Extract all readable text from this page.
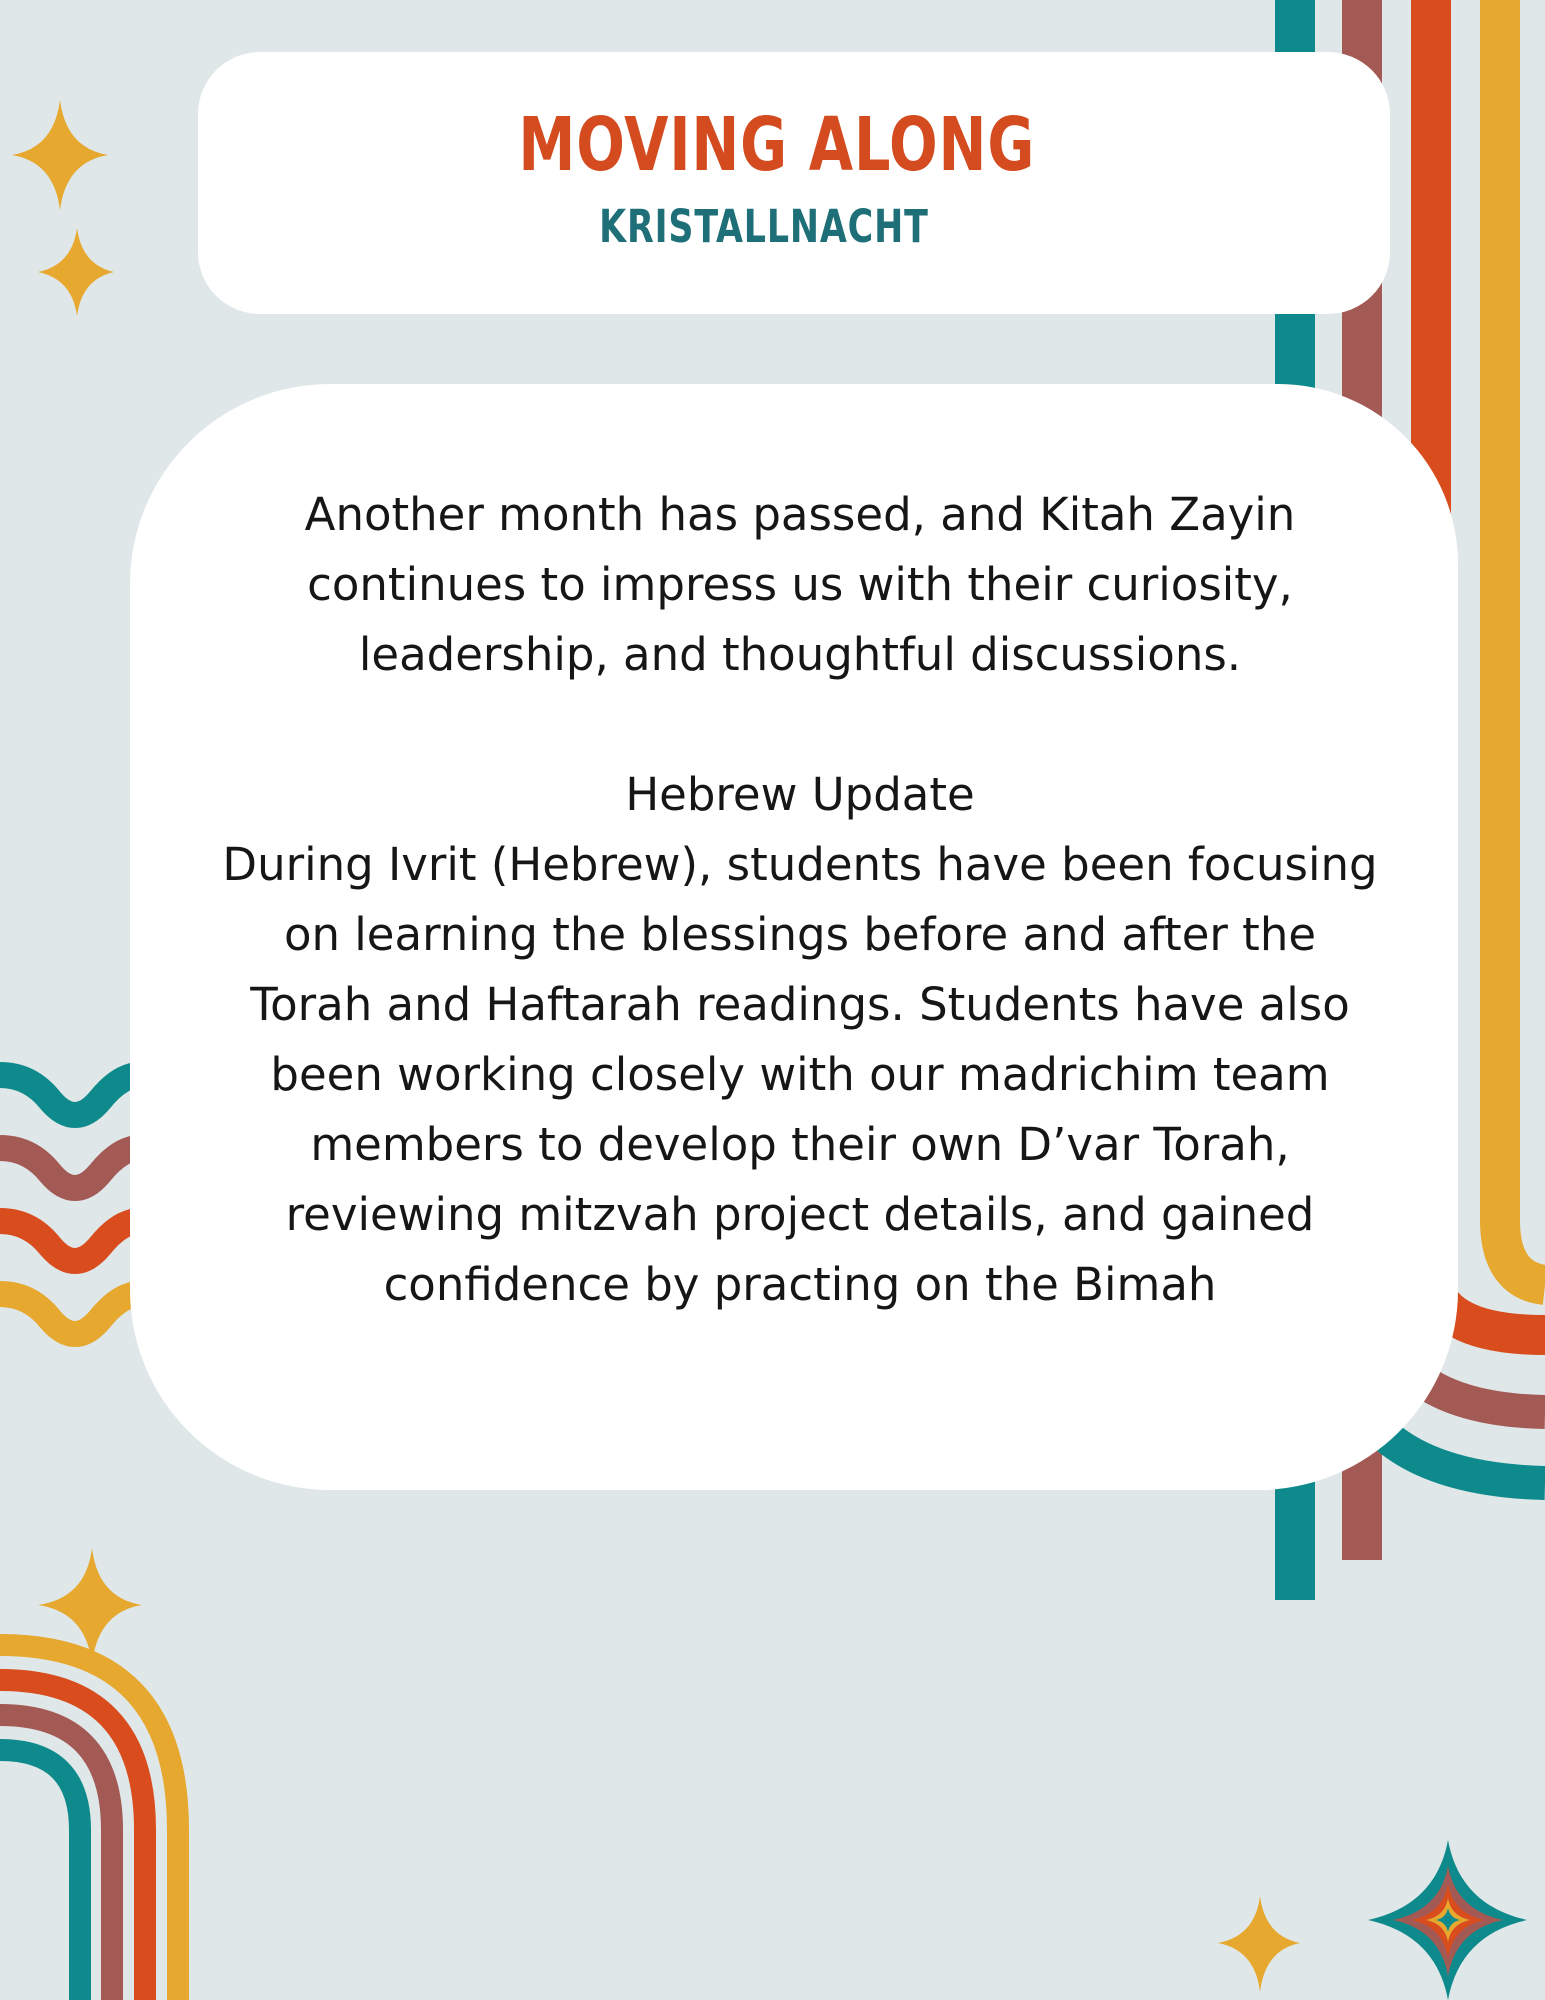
MOVING ALONG
KRISTALLNACHT
Another month has passed, and Kitah Zayin
continues to impress us with their curiosity,
leadership, and thoughtful discussions.
Hebrew Update
During Ivrit (Hebrew), students have been focusing
on learning the blessings before and after the
Torah and Haftarah readings. Students have also
been working closely with our madrichim team
members to develop their own D’var Torah,
reviewing mitzvah project details, and gained
confidence by practing on the Bimah
